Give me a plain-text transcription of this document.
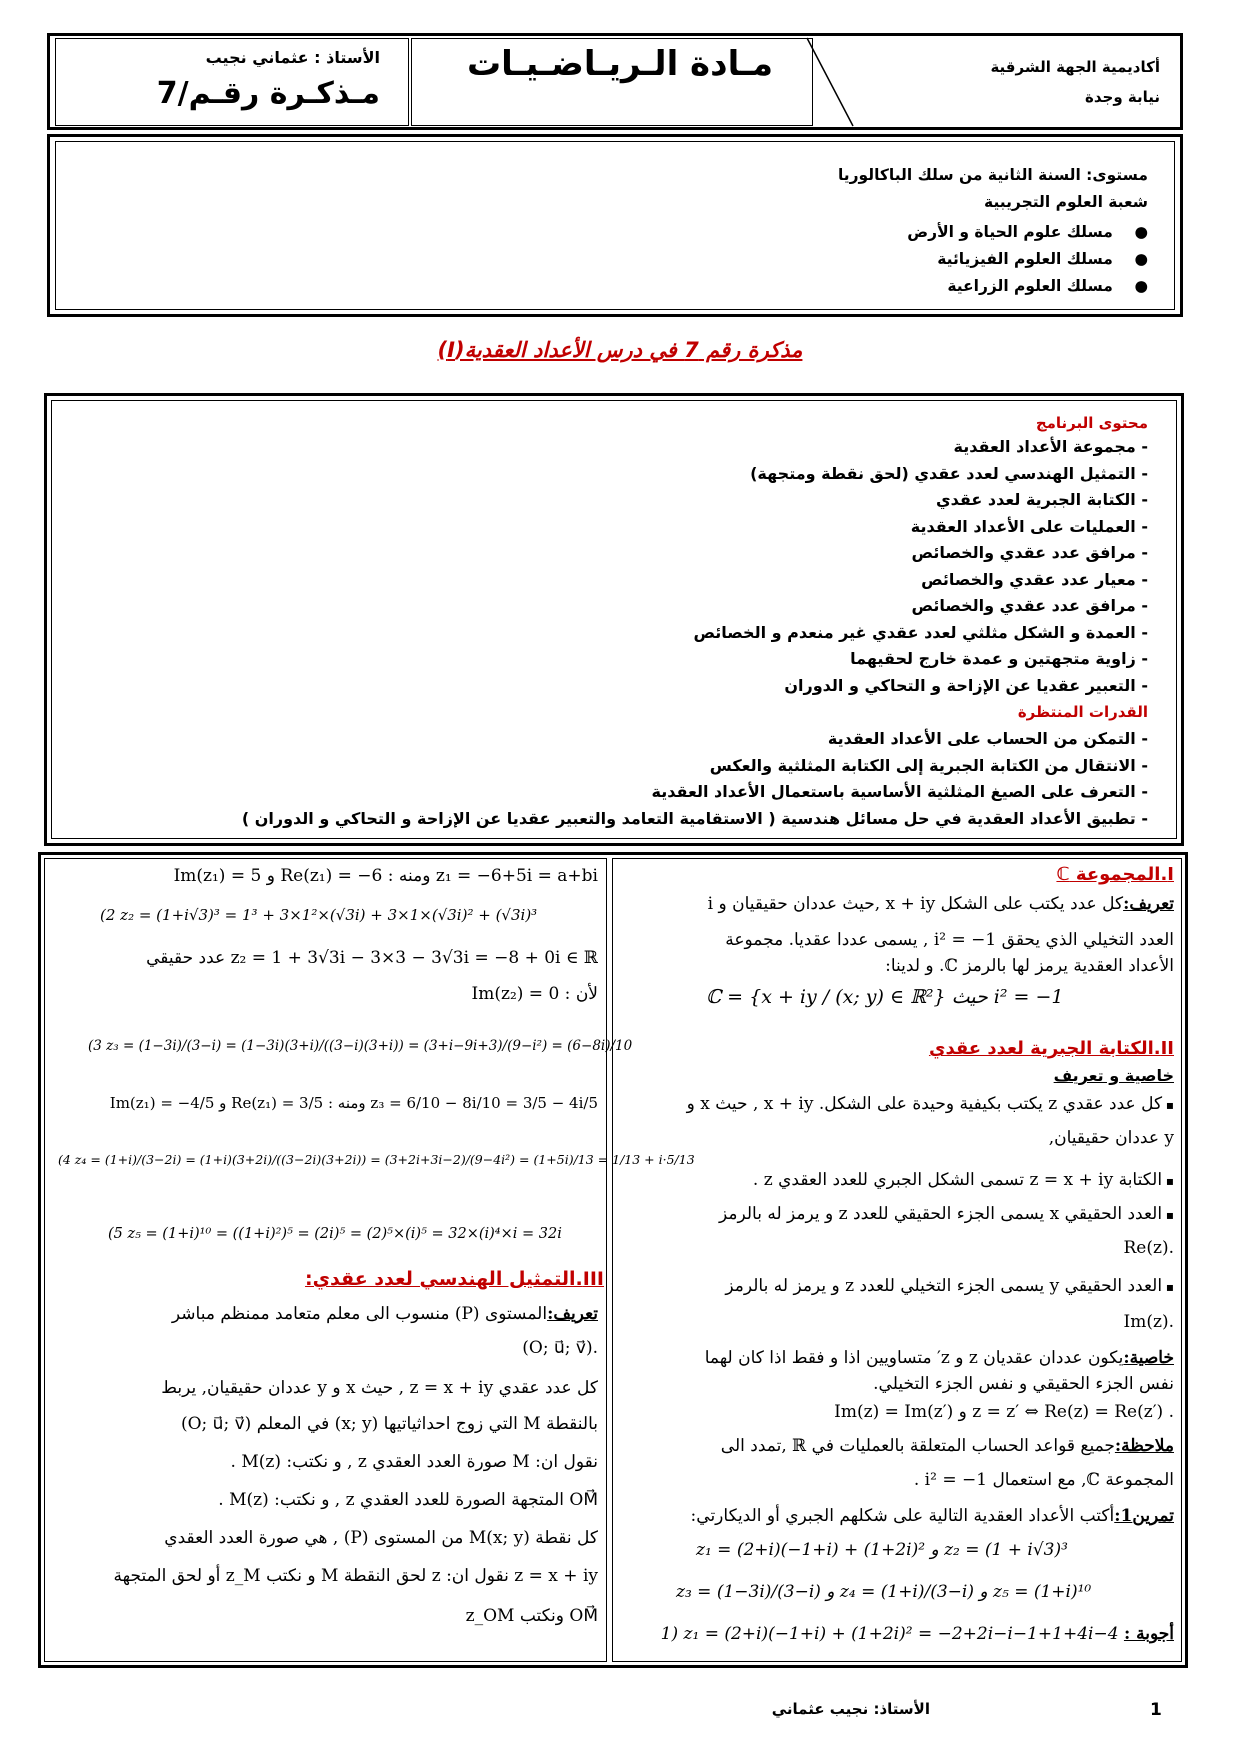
أكاديمية الجهة الشرقية
نيابة وجدة
مـادة الـريـاضـيـات
الأستاذ : عثماني نجيب
مـذكـرة رقـم/7
مستوى: السنة الثانية من سلك الباكالوريا
شعبة العلوم التجريبية
●    مسلك علوم الحياة و الأرض
●    مسلك العلوم الفيزيائية
●    مسلك العلوم الزراعية
مذكرة رقم 7 في درس الأعداد العقدية(I)
محتوى البرنامج
- مجموعة الأعداد العقدية
- التمثيل الهندسي لعدد عقدي (لحق نقطة ومتجهة)
- الكتابة الجبرية لعدد عقدي
- العمليات على الأعداد العقدية
- مرافق عدد عقدي والخصائص
- معيار عدد عقدي والخصائص
- مرافق عدد عقدي والخصائص
- العمدة و الشكل مثلثي لعدد عقدي غير منعدم و الخصائص
- زاوية متجهتين و عمدة خارج لحقيهما
- التعبير عقديا عن الإزاحة و التحاكي و الدوران
القدرات المنتظرة
- التمكن من الحساب على الأعداد العقدية
- الانتقال من الكتابة الجبرية إلى الكتابة المثلثية والعكس
- التعرف على الصيغ المثلثية الأساسية باستعمال الأعداد العقدية
- تطبيق الأعداد العقدية في حل مسائل هندسية ( الاستقامية التعامد والتعبير عقديا عن الإزاحة و التحاكي و الدوران )
I.المجموعة ℂ
تعريف:كل عدد يكتب على الشكل x + iy ,حيث عددان حقيقيان و i
العدد التخيلي الذي يحقق i² = −1 , يسمى عددا عقديا. مجموعة
الأعداد العقدية يرمز لها بالرمز ℂ. و لدينا:
ℂ = {x + iy / (x; y) ∈ ℝ²} حيث i² = −1
II.الكتابة الجبرية لعدد عقدي
خاصية و تعريف
▪ كل عدد عقدي z يكتب بكيفية وحيدة على الشكل. x + iy , حيث x و
y عددان حقيقيان,
▪ الكتابة z = x + iy تسمى الشكل الجبري للعدد العقدي z .
▪ العدد الحقيقي x يسمى الجزء الحقيقي للعدد z و يرمز له بالرمز
.Re(z)
▪ العدد الحقيقي y يسمى الجزء التخيلي للعدد z و يرمز له بالرمز
.Im(z)
خاصية:يكون عددان عقديان z و z′ متساويين اذا و فقط اذا كان لهما
نفس الجزء الحقيقي و نفس الجزء التخيلي.
. z = z′ ⇔ Re(z) = Re(z′) و Im(z) = Im(z′)
ملاحظة:جميع قواعد الحساب المتعلقة بالعمليات في ℝ ,تمدد الى
المجموعة ℂ, مع استعمال i² = −1 .
تمرين1:أكتب الأعداد العقدية التالية على شكلهم الجبري أو الديكارتي:
z₁ = (2+i)(−1+i) + (1+2i)² و z₂ = (1 + i√3)³
z₃ = (1−3i)/(3−i) و z₄ = (1+i)/(3−i) و z₅ = (1+i)¹⁰
أجوبة : 1) z₁ = (2+i)(−1+i) + (1+2i)² = −2+2i−i−1+1+4i−4
z₁ = −6+5i = a+bi ومنه : Re(z₁) = −6 و Im(z₁) = 5
(2 z₂ = (1+i√3)³ = 1³ + 3×1²×(√3i) + 3×1×(√3i)² + (√3i)³
z₂ = 1 + 3√3i − 3×3 − 3√3i = −8 + 0i ∈ ℝ عدد حقيقي
لأن : Im(z₂) = 0
(3 z₃ = (1−3i)/(3−i) = (1−3i)(3+i)/((3−i)(3+i)) = (3+i−9i+3)/(9−i²) = (6−8i)/10
z₃ = 6/10 − 8i/10 = 3/5 − 4i/5 ومنه : Re(z₁) = 3/5 و Im(z₁) = −4/5
(4 z₄ = (1+i)/(3−2i) = (1+i)(3+2i)/((3−2i)(3+2i)) = (3+2i+3i−2)/(9−4i²) = (1+5i)/13 = 1/13 + i·5/13
(5 z₅ = (1+i)¹⁰ = ((1+i)²)⁵ = (2i)⁵ = (2)⁵×(i)⁵ = 32×(i)⁴×i = 32i
III.التمثيل الهندسي لعدد عقدي:
تعريف:المستوى (P) منسوب الى معلم متعامد ممنظم مباشر
.(O; u⃗; v⃗)
كل عدد عقدي z = x + iy , حيث x و y عددان حقيقيان, يربط
بالنقطة M التي زوج احداثياتيها (x; y) في المعلم (O; u⃗; v⃗)
نقول ان: M صورة العدد العقدي z , و نكتب: M(z) .
OM⃗ المتجهة الصورة للعدد العقدي z , و نكتب: M(z) .
كل نقطة M(x; y) من المستوى (P) , هي صورة العدد العقدي
z = x + iy نقول ان: z لحق النقطة M و نكتب z_M أو لحق المتجهة
OM⃗ ونكتب z_OM
الأستاذ: نجيب عثماني	1
